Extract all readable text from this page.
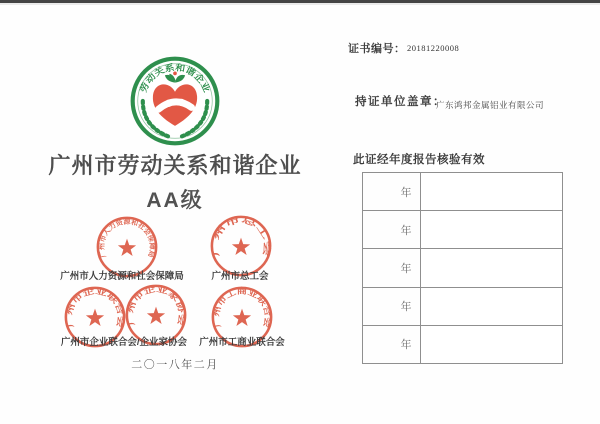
劳动关系和谐企业
广州市劳动关系和谐企业
AA级
广州市人力资源和社会保障局	广州市总工会
广州市企业联合会
广州市企业家协会
广州市工商业联合会
广州市人力资源和社会保障局	广州市总工会
广州市企业联合会/企业家协会	广州市工商业联合会
二〇一八年二月
证书编号： 20181220008
持证单位盖章：
广东鸿邦金属铝业有限公司
此证经年度报告核验有效
年	
年	
年	
年	
年	
